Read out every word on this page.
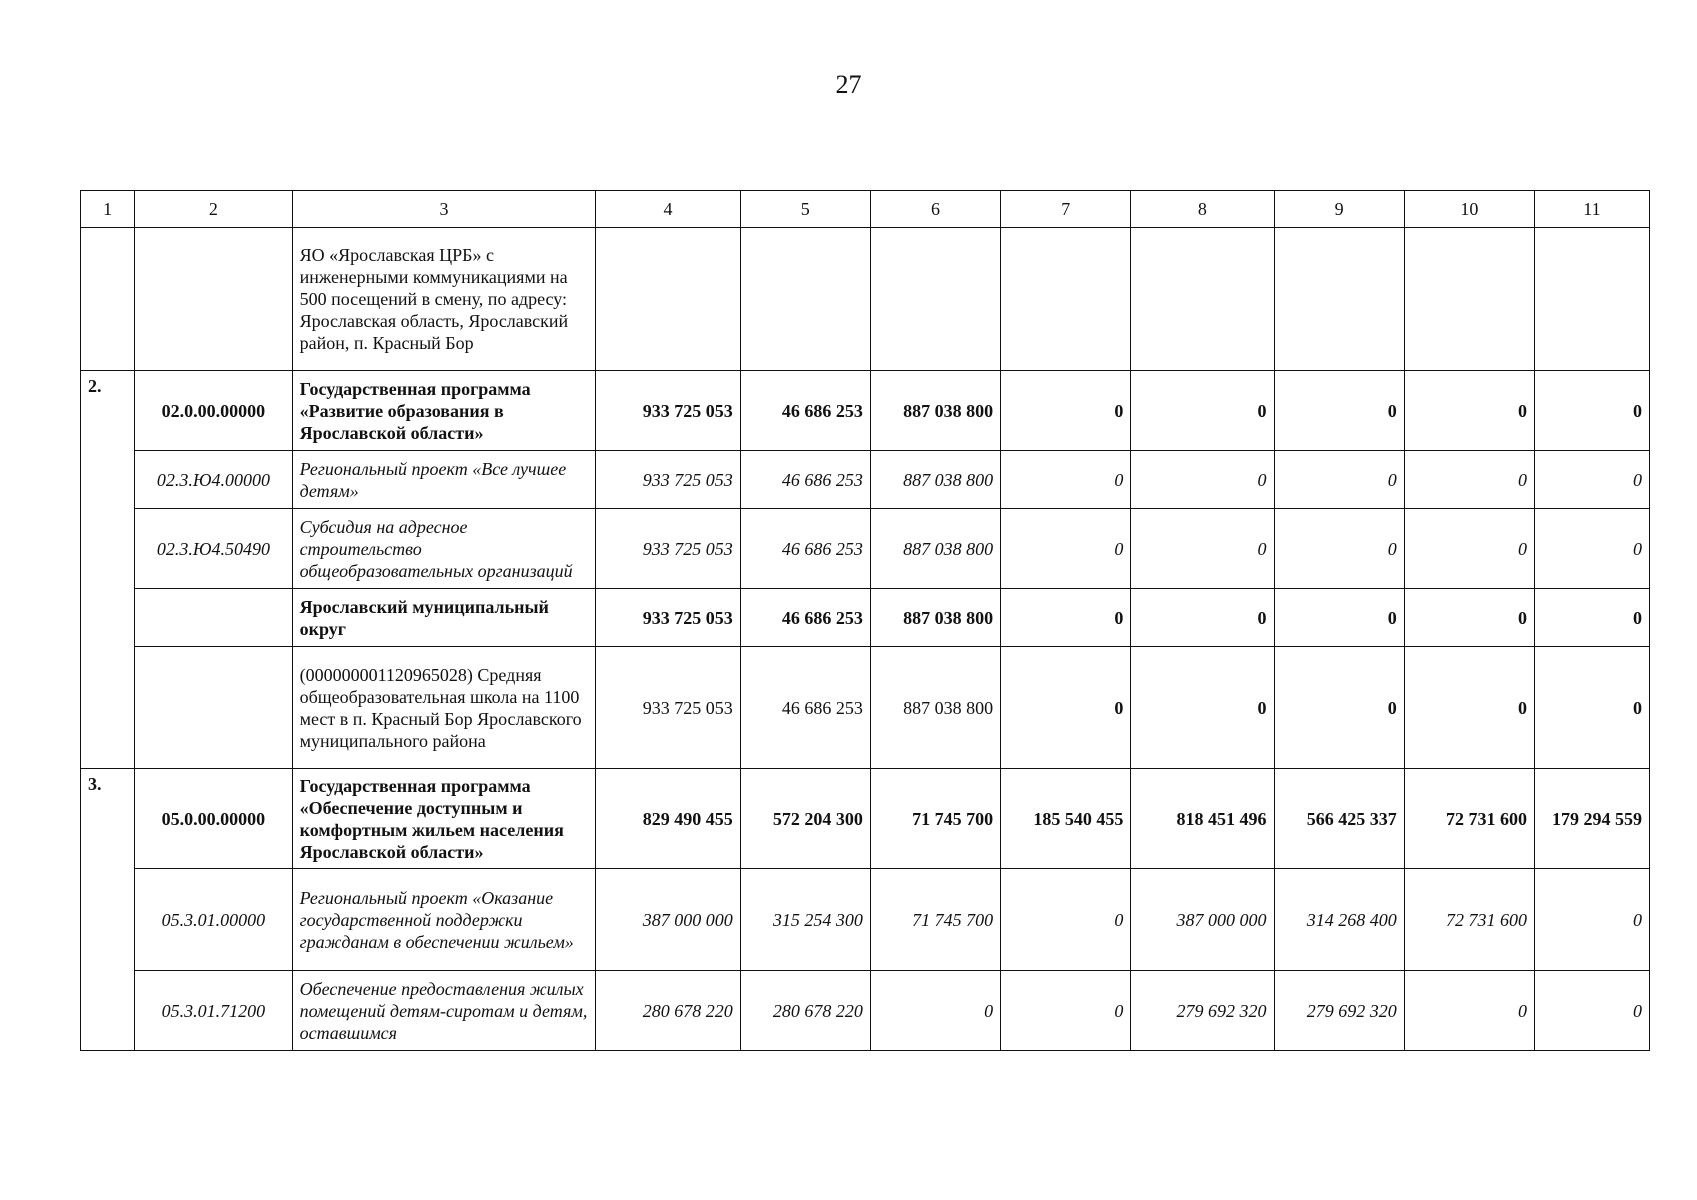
27
1	2	3	4	5	6	7	8	9	10	11
		ЯО «Ярославская ЦРБ» с инженерными коммуникациями на 500 посещений в смену, по адресу: Ярославская область, Ярославский район, п. Красный Бор								
2.	02.0.00.00000	Государственная программа «Развитие образования в Ярославской области»	933 725 053	46 686 253	887 038 800	0	0	0	0	0
	02.3.Ю4.00000	Региональный проект «Все лучшее детям»	933 725 053	46 686 253	887 038 800	0	0	0	0	0
	02.3.Ю4.50490	Субсидия на адресное строительство общеобразовательных организаций	933 725 053	46 686 253	887 038 800	0	0	0	0	0
		Ярославский муниципальный округ	933 725 053	46 686 253	887 038 800	0	0	0	0	0
		(000000001120965028) Средняя общеобразовательная школа на 1100 мест в п. Красный Бор Ярославского муниципального района	933 725 053	46 686 253	887 038 800	0	0	0	0	0
3.	05.0.00.00000	Государственная программа «Обеспечение доступным и комфортным жильем населения Ярославской области»	829 490 455	572 204 300	71 745 700	185 540 455	818 451 496	566 425 337	72 731 600	179 294 559
	05.3.01.00000	Региональный проект «Оказание государственной поддержки гражданам в обеспечении жильем»	387 000 000	315 254 300	71 745 700	0	387 000 000	314 268 400	72 731 600	0
	05.3.01.71200	Обеспечение предоставления жилых помещений детям-сиротам и детям, оставшимся	280 678 220	280 678 220	0	0	279 692 320	279 692 320	0	0
